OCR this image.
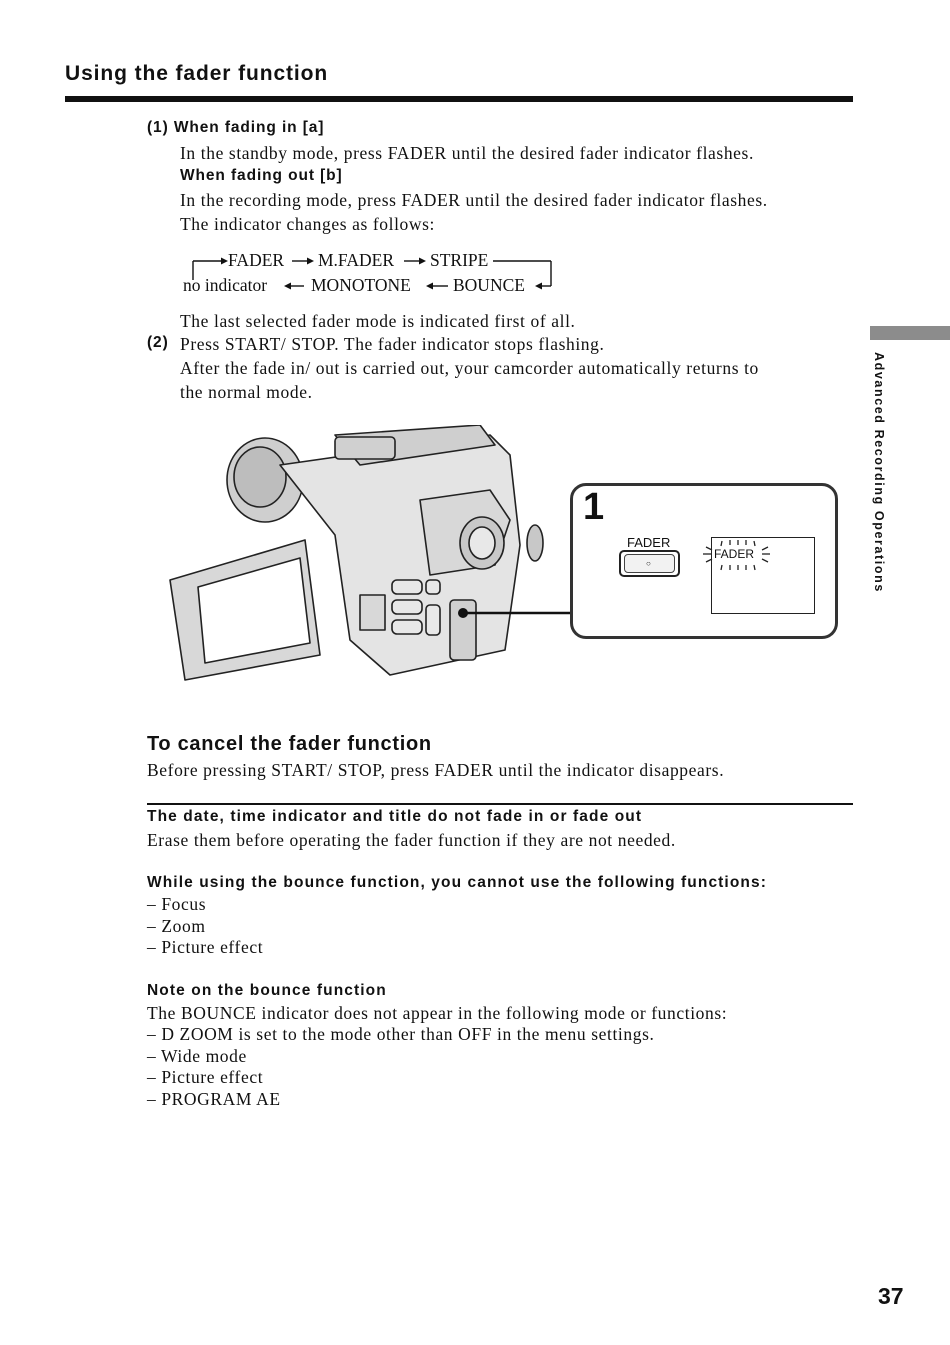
Using the fader function
Advanced Recording Operations
(1) When fading in [a]
In the standby mode, press FADER until the desired fader indicator flashes.
When fading out [b]
In the recording mode, press FADER until the desired fader indicator flashes.
The indicator changes as follows:
FADER M.FADER STRIPE
no indicator	MONOTONE BOUNCE
The last selected fader mode is indicated first of all.
(2) Press START/ STOP. The fader indicator stops flashing.
After the fade in/ out is carried out, your camcorder automatically returns to
the normal mode.
1
FADER
○
FADER
To cancel the fader function
Before pressing START/ STOP, press FADER until the indicator disappears.
The date, time indicator and title do not fade in or fade out
Erase them before operating the fader function if they are not needed.
While using the bounce function, you cannot use the following functions:
– Focus
– Zoom
– Picture effect
Note on the bounce function
The BOUNCE indicator does not appear in the following mode or functions:
– D ZOOM is set to the mode other than OFF in the menu settings.
– Wide mode
– Picture effect
– PROGRAM AE
37
